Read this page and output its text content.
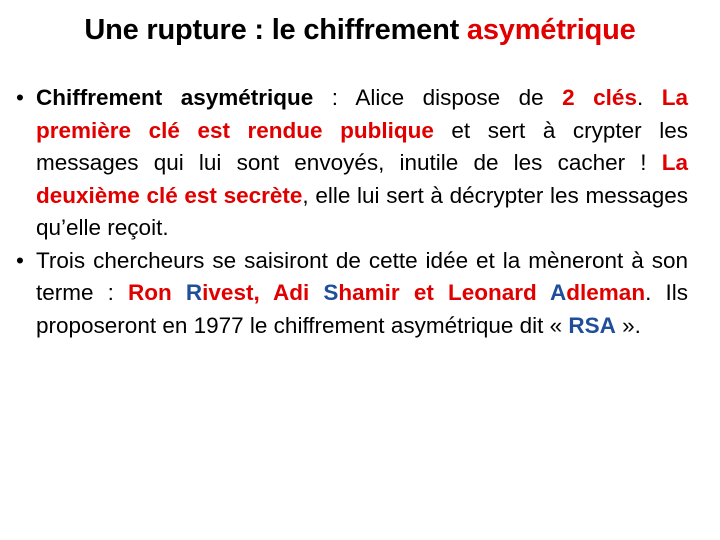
Une rupture : le chiffrement asymétrique
• Chiffrement asymétrique : Alice dispose de 2 clés. La première clé est rendue publique et sert à crypter les messages qui lui sont envoyés, inutile de les cacher ! La deuxième clé est secrète, elle lui sert à décrypter les messages qu’elle reçoit.
• Trois chercheurs se saisiront de cette idée et la mèneront à son terme : Ron Rivest, Adi Shamir et Leonard Adleman. Ils proposeront en 1977 le chiffrement asymétrique dit « RSA ».
